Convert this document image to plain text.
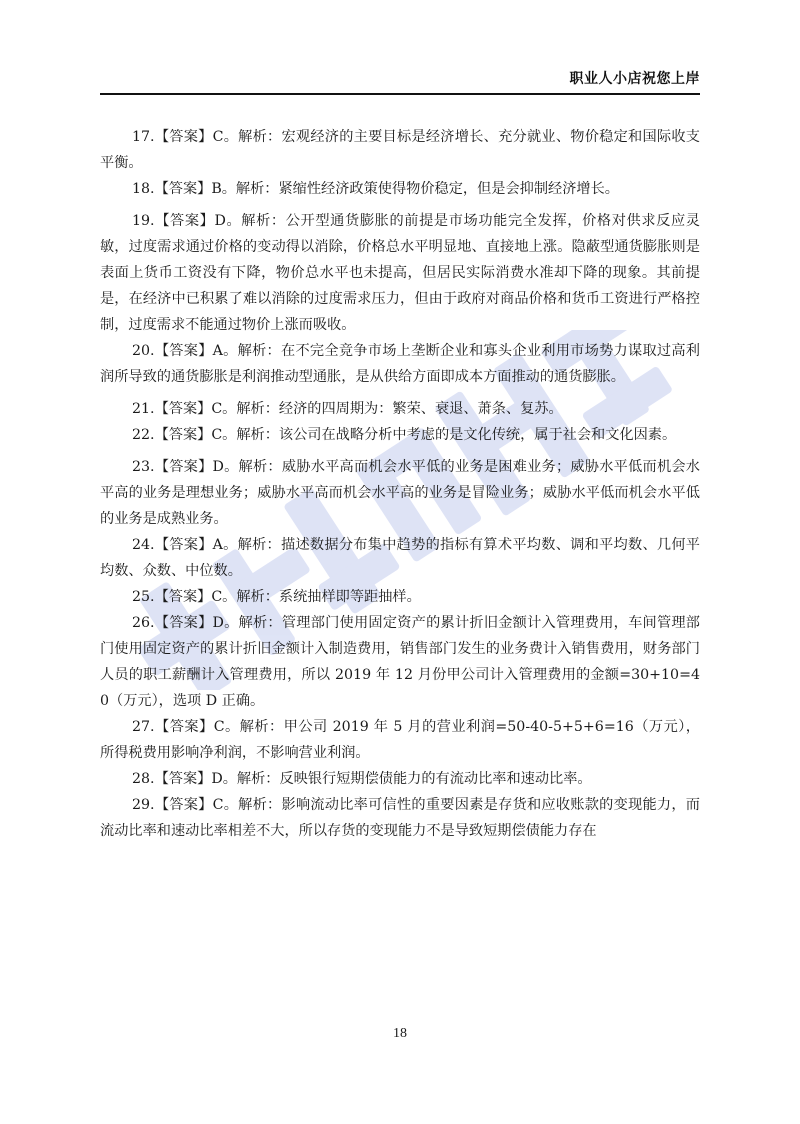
职业人小店祝您上岸

17.【答案】C。解析：宏观经济的主要目标是经济增长、充分就业、物价稳定和国际收支平衡。

18.【答案】B。解析：紧缩性经济政策使得物价稳定，但是会抑制经济增长。

19.【答案】D。解析：公开型通货膨胀的前提是市场功能完全发挥，价格对供求反应灵敏，过度需求通过价格的变动得以消除，价格总水平明显地、直接地上涨。隐蔽型通货膨胀则是表面上货币工资没有下降，物价总水平也未提高，但居民实际消费水准却下降的现象。其前提是，在经济中已积累了难以消除的过度需求压力，但由于政府对商品价格和货币工资进行严格控制，过度需求不能通过物价上涨而吸收。

20.【答案】A。解析：在不完全竞争市场上垄断企业和寡头企业利用市场势力谋取过高利润所导致的通货膨胀是利润推动型通胀，是从供给方面即成本方面推动的通货膨胀。

21.【答案】C。解析：经济的四周期为：繁荣、衰退、萧条、复苏。

22.【答案】C。解析：该公司在战略分析中考虑的是文化传统，属于社会和文化因素。

23.【答案】D。解析：威胁水平高而机会水平低的业务是困难业务；威胁水平低而机会水平高的业务是理想业务；威胁水平高而机会水平高的业务是冒险业务；威胁水平低而机会水平低的业务是成熟业务。

24.【答案】A。解析：描述数据分布集中趋势的指标有算术平均数、调和平均数、几何平均数、众数、中位数。

25.【答案】C。解析：系统抽样即等距抽样。

26.【答案】D。解析：管理部门使用固定资产的累计折旧金额计入管理费用，车间管理部门使用固定资产的累计折旧金额计入制造费用，销售部门发生的业务费计入销售费用，财务部门人员的职工薪酬计入管理费用，所以 2019 年 12 月份甲公司计入管理费用的金额=30+10=40（万元），选项 D 正确。

27.【答案】C。解析：甲公司 2019 年 5 月的营业利润=50-40-5+5+6=16（万元），所得税费用影响净利润，不影响营业利润。

28.【答案】D。解析：反映银行短期偿债能力的有流动比率和速动比率。

29.【答案】C。解析：影响流动比率可信性的重要因素是存货和应收账款的变现能力，而流动比率和速动比率相差不大，所以存货的变现能力不是导致短期偿债能力存在

18
